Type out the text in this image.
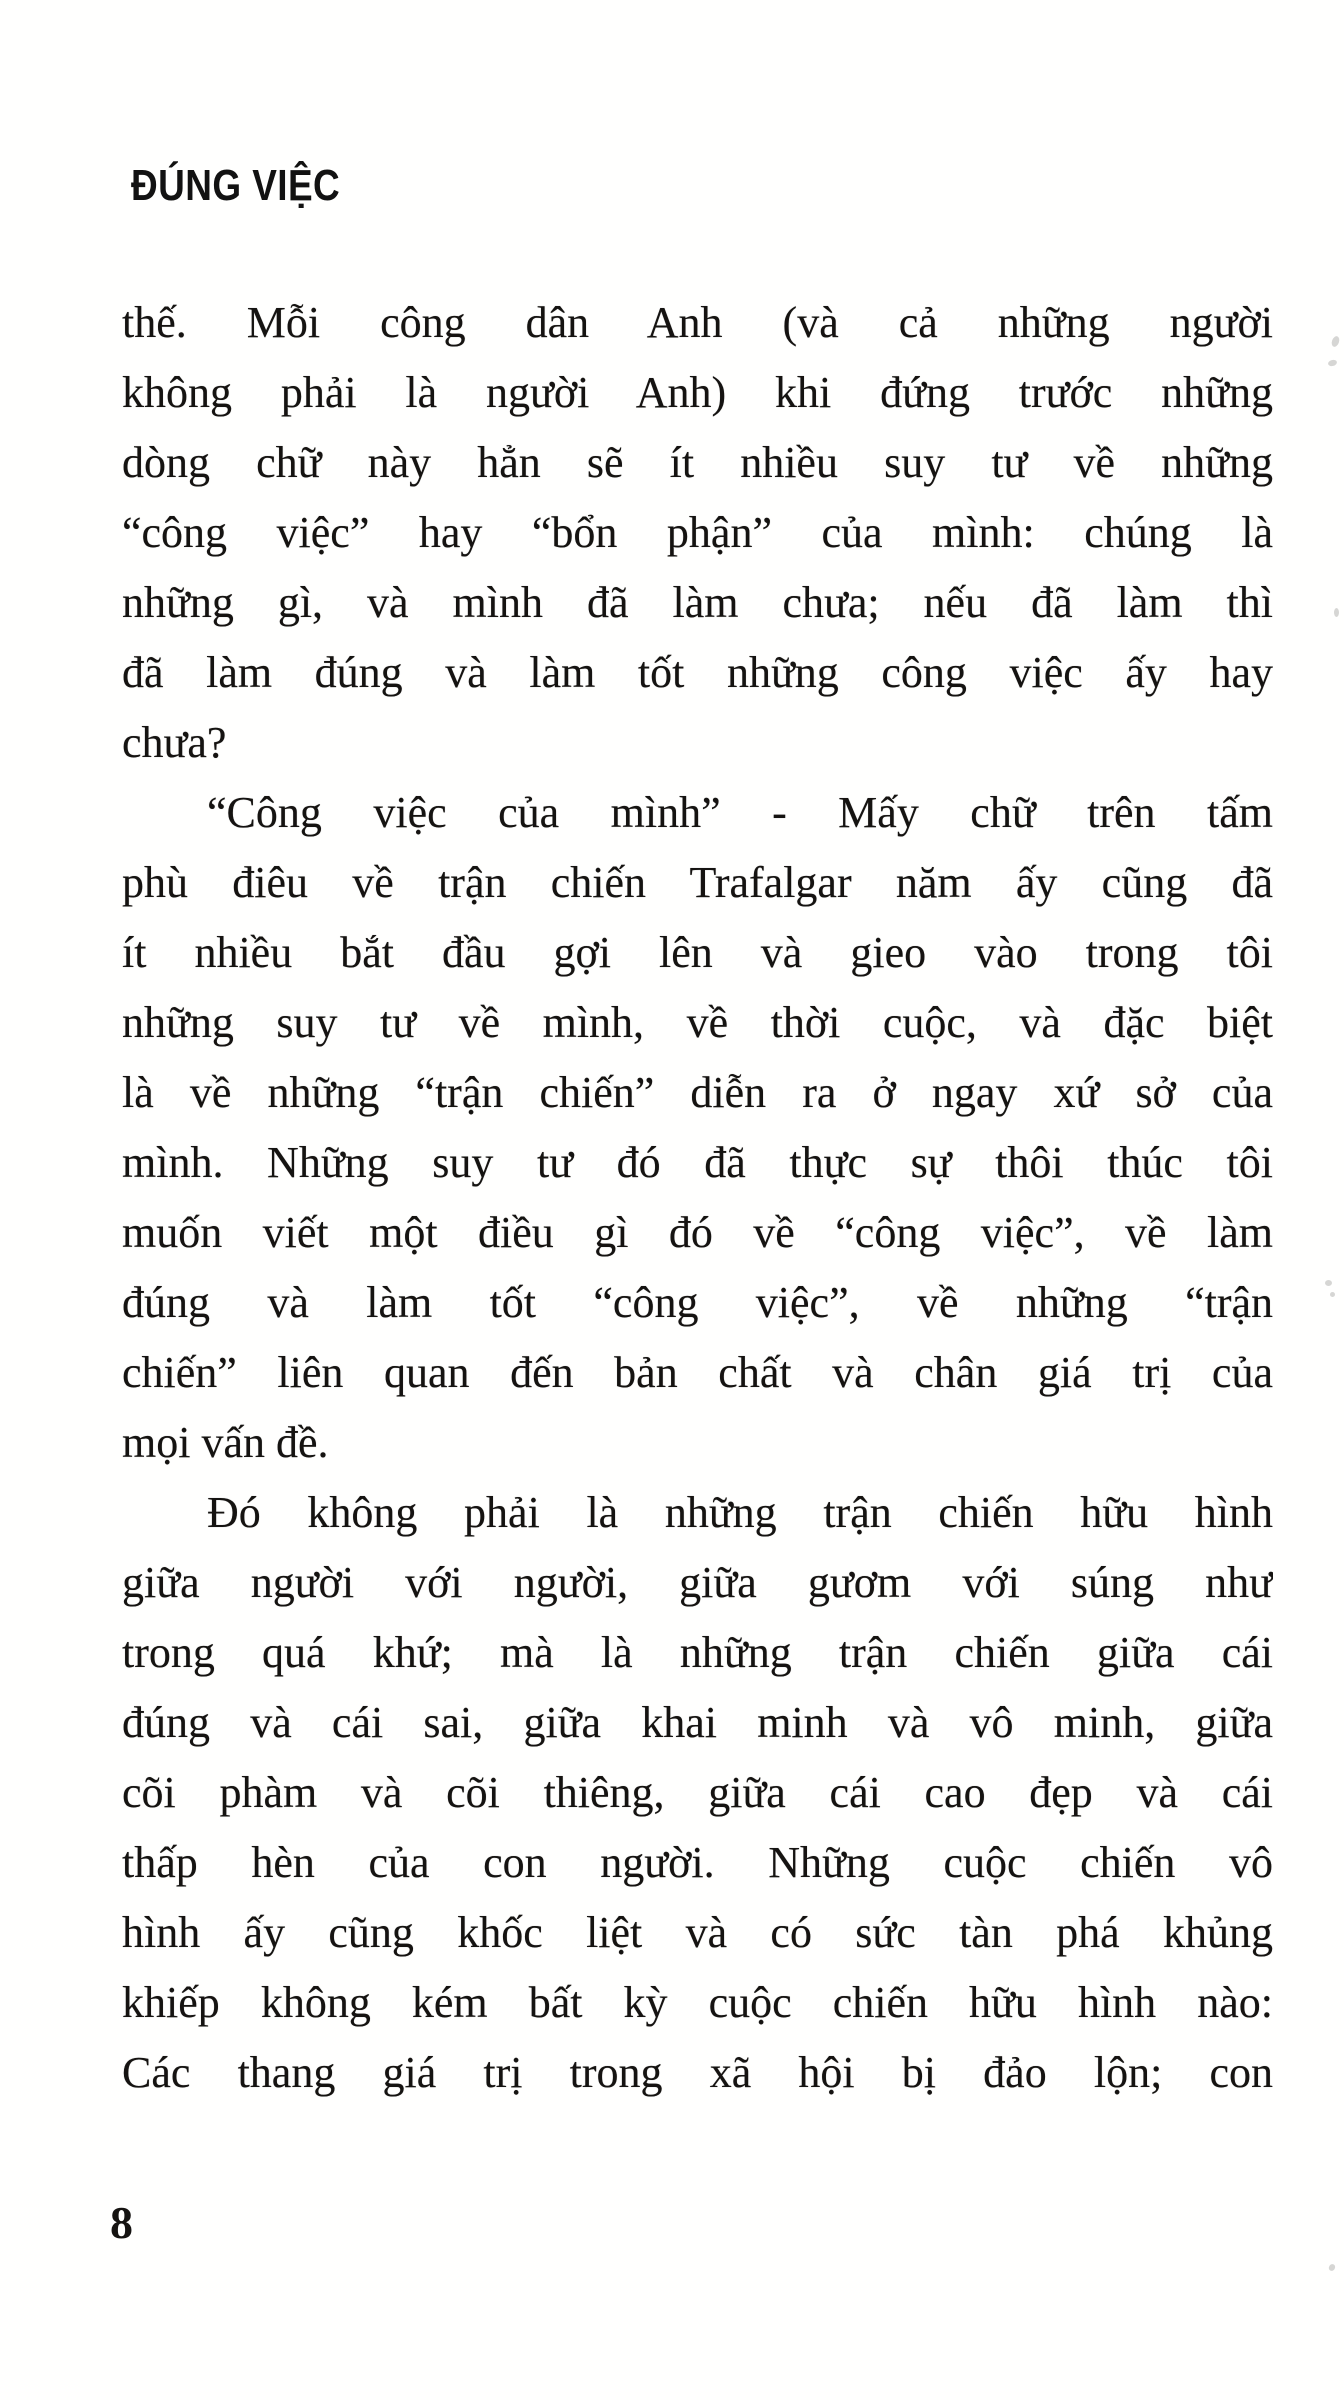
ĐÚNG VIỆC
thế. Mỗi công dân Anh (và cả những người
không phải là người Anh) khi đứng trước những
dòng chữ này hẳn sẽ ít nhiều suy tư về những
“công việc” hay “bổn phận” của mình: chúng là
những gì, và mình đã làm chưa; nếu đã làm thì
đã làm đúng và làm tốt những công việc ấy hay
chưa?
“Công việc của mình” - Mấy chữ trên tấm
phù điêu về trận chiến Trafalgar năm ấy cũng đã
ít nhiều bắt đầu gợi lên và gieo vào trong tôi
những suy tư về mình, về thời cuộc, và đặc biệt
là về những “trận chiến” diễn ra ở ngay xứ sở của
mình. Những suy tư đó đã thực sự thôi thúc tôi
muốn viết một điều gì đó về “công việc”, về làm
đúng và làm tốt “công việc”, về những “trận
chiến” liên quan đến bản chất và chân giá trị của
mọi vấn đề.
Đó không phải là những trận chiến hữu hình
giữa người với người, giữa gươm với súng như
trong quá khứ; mà là những trận chiến giữa cái
đúng và cái sai, giữa khai minh và vô minh, giữa
cõi phàm và cõi thiêng, giữa cái cao đẹp và cái
thấp hèn của con người. Những cuộc chiến vô
hình ấy cũng khốc liệt và có sức tàn phá khủng
khiếp không kém bất kỳ cuộc chiến hữu hình nào:
Các thang giá trị trong xã hội bị đảo lộn; con
8
